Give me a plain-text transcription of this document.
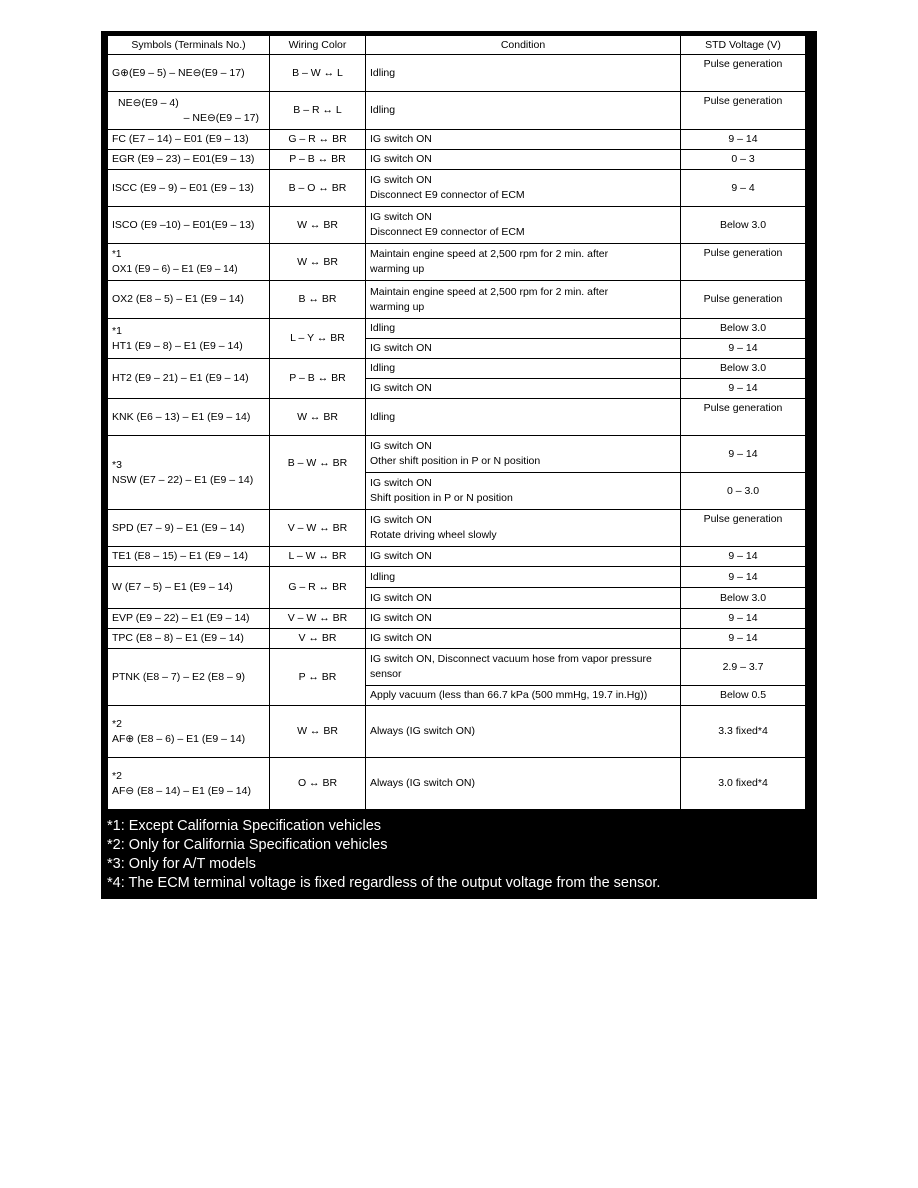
Symbols (Terminals No.)	Wiring Color	Condition	STD Voltage (V)
G⊕(E9 – 5) – NE⊖(E9 – 17)	B – W ↔ L	Idling	Pulse generation

NE⊖(E9 – 4)
– NE⊖(E9 – 17)	B – R ↔ L	Idling	Pulse generation
FC (E7 – 14) – E01 (E9 – 13)	G – R ↔ BR	IG switch ON	9 – 14
EGR (E9 – 23) – E01(E9 – 13)	P – B ↔ BR	IG switch ON	0 – 3
ISCC (E9 – 9) – E01 (E9 – 13)	B – O ↔ BR	IG switch ON
Disconnect E9 connector of ECM	9 – 4
ISCO (E9 –10) – E01(E9 – 13)	W ↔ BR	IG switch ON
Disconnect E9 connector of ECM	Below 3.0

*1
OX1 (E9 – 6) – E1 (E9 – 14)	W ↔ BR	Maintain engine speed at 2,500 rpm for 2 min. after
warming up	Pulse generation
OX2 (E8 – 5) – E1 (E9 – 14)	B ↔ BR	Maintain engine speed at 2,500 rpm for 2 min. after
warming up	Pulse generation

*1
HT1 (E9 – 8) – E1 (E9 – 14)	L – Y ↔ BR	Idling	Below 3.0
		IG switch ON	9 – 14
HT2 (E9 – 21) – E1 (E9 – 14)	P – B ↔ BR	Idling	Below 3.0
		IG switch ON	9 – 14
KNK (E6 – 13) – E1 (E9 – 14)	W ↔ BR	Idling	Pulse generation

*3
NSW (E7 – 22) – E1 (E9 – 14)	B – W ↔ BR	IG switch ON
Other shift position in P or N position	9 – 14

		IG switch ON
Shift position in P or N position	0 – 3.0
SPD (E7 – 9) – E1 (E9 – 14)	V – W ↔ BR	IG switch ON
Rotate driving wheel slowly	Pulse generation
TE1 (E8 – 15) – E1 (E9 – 14)	L – W ↔ BR	IG switch ON	9 – 14
W (E7 – 5) – E1 (E9 – 14)	G – R ↔ BR	Idling	9 – 14
		IG switch ON	Below 3.0
EVP (E9 – 22) – E1 (E9 – 14)	V – W ↔ BR	IG switch ON	9 – 14
TPC (E8 – 8) – E1 (E9 – 14)	V ↔ BR	IG switch ON	9 – 14
PTNK (E8 – 7) – E2 (E8 – 9)	P ↔ BR	IG switch ON, Disconnect vacuum hose from vapor pressure
sensor	2.9 – 3.7
		Apply vacuum (less than 66.7 kPa (500 mmHg, 19.7 in.Hg))	Below 0.5

*2
AF⊕ (E8 – 6) – E1 (E9 – 14)	W ↔ BR	Always (IG switch ON)	3.3 fixed*4

*2
AF⊖ (E8 – 14) – E1 (E9 – 14)	O ↔ BR	Always (IG switch ON)	3.0 fixed*4
*1: Except California Specification vehicles
*2: Only for California Specification vehicles
*3: Only for A/T models
*4: The ECM terminal voltage is fixed regardless of the output voltage from the sensor.
